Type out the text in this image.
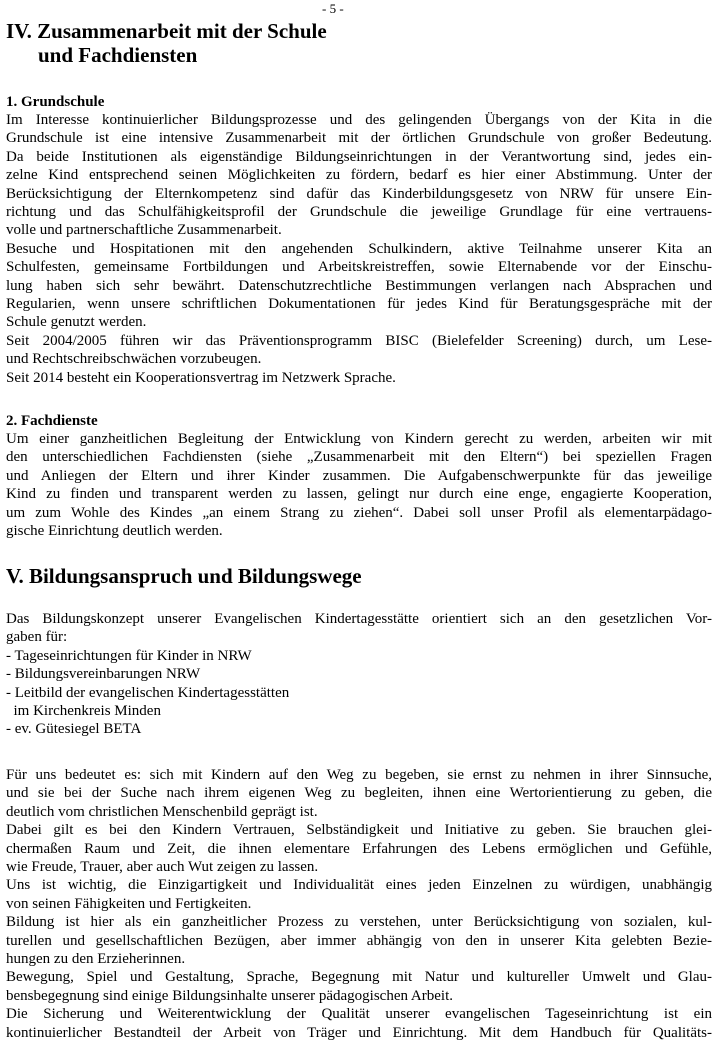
- 5 -
IV. Zusammenarbeit mit der Schule
und Fachdiensten
1. Grundschule
Im Interesse kontinuierlicher Bildungsprozesse und des gelingenden Übergangs von der Kita in die
Grundschule ist eine intensive Zusammenarbeit mit der örtlichen Grundschule von großer Bedeutung.
Da beide Institutionen als eigenständige Bildungseinrichtungen in der Verantwortung sind, jedes ein-
zelne Kind entsprechend seinen Möglichkeiten zu fördern, bedarf es hier einer Abstimmung. Unter der
Berücksichtigung der Elternkompetenz sind dafür das Kinderbildungsgesetz von NRW für unsere Ein-
richtung und das Schulfähigkeitsprofil der Grundschule die jeweilige Grundlage für eine vertrauens-
volle und partnerschaftliche Zusammenarbeit.
Besuche und Hospitationen mit den angehenden Schulkindern, aktive Teilnahme unserer Kita an
Schulfesten, gemeinsame Fortbildungen und Arbeitskreistreffen, sowie Elternabende vor der Einschu-
lung haben sich sehr bewährt. Datenschutzrechtliche Bestimmungen verlangen nach Absprachen und
Regularien, wenn unsere schriftlichen Dokumentationen für jedes Kind für Beratungsgespräche mit der
Schule genutzt werden.
Seit 2004/2005 führen wir das Präventionsprogramm BISC (Bielefelder Screening) durch, um Lese-
und Rechtschreibschwächen vorzubeugen.
Seit 2014 besteht ein Kooperationsvertrag im Netzwerk Sprache.
2. Fachdienste
Um einer ganzheitlichen Begleitung der Entwicklung von Kindern gerecht zu werden, arbeiten wir mit
den unterschiedlichen Fachdiensten (siehe „Zusammenarbeit mit den Eltern“) bei speziellen Fragen
und Anliegen der Eltern und ihrer Kinder zusammen. Die Aufgabenschwerpunkte für das jeweilige
Kind zu finden und transparent werden zu lassen, gelingt nur durch eine enge, engagierte Kooperation,
um zum Wohle des Kindes „an einem Strang zu ziehen“. Dabei soll unser Profil als elementarpädago-
gische Einrichtung deutlich werden.
V. Bildungsanspruch und Bildungswege
Das Bildungskonzept unserer Evangelischen Kindertagesstätte orientiert sich an den gesetzlichen Vor-
gaben für:
- Tageseinrichtungen für Kinder in NRW
- Bildungsvereinbarungen NRW
- Leitbild der evangelischen Kindertagesstätten
im Kirchenkreis Minden
- ev. Gütesiegel BETA
Für uns bedeutet es: sich mit Kindern auf den Weg zu begeben, sie ernst zu nehmen in ihrer Sinnsuche,
und sie bei der Suche nach ihrem eigenen Weg zu begleiten, ihnen eine Wertorientierung zu geben, die
deutlich vom christlichen Menschenbild geprägt ist.
Dabei gilt es bei den Kindern Vertrauen, Selbständigkeit und Initiative zu geben. Sie brauchen glei-
chermaßen Raum und Zeit, die ihnen elementare Erfahrungen des Lebens ermöglichen und Gefühle,
wie Freude, Trauer, aber auch Wut zeigen zu lassen.
Uns ist wichtig, die Einzigartigkeit und Individualität eines jeden Einzelnen zu würdigen, unabhängig
von seinen Fähigkeiten und Fertigkeiten.
Bildung ist hier als ein ganzheitlicher Prozess zu verstehen, unter Berücksichtigung von sozialen, kul-
turellen und gesellschaftlichen Bezügen, aber immer abhängig von den in unserer Kita gelebten Bezie-
hungen zu den Erzieherinnen.
Bewegung, Spiel und Gestaltung, Sprache, Begegnung mit Natur und kultureller Umwelt und Glau-
bensbegegnung sind einige Bildungsinhalte unserer pädagogischen Arbeit.
Die Sicherung und Weiterentwicklung der Qualität unserer evangelischen Tageseinrichtung ist ein
kontinuierlicher Bestandteil der Arbeit von Träger und Einrichtung. Mit dem Handbuch für Qualitäts-
